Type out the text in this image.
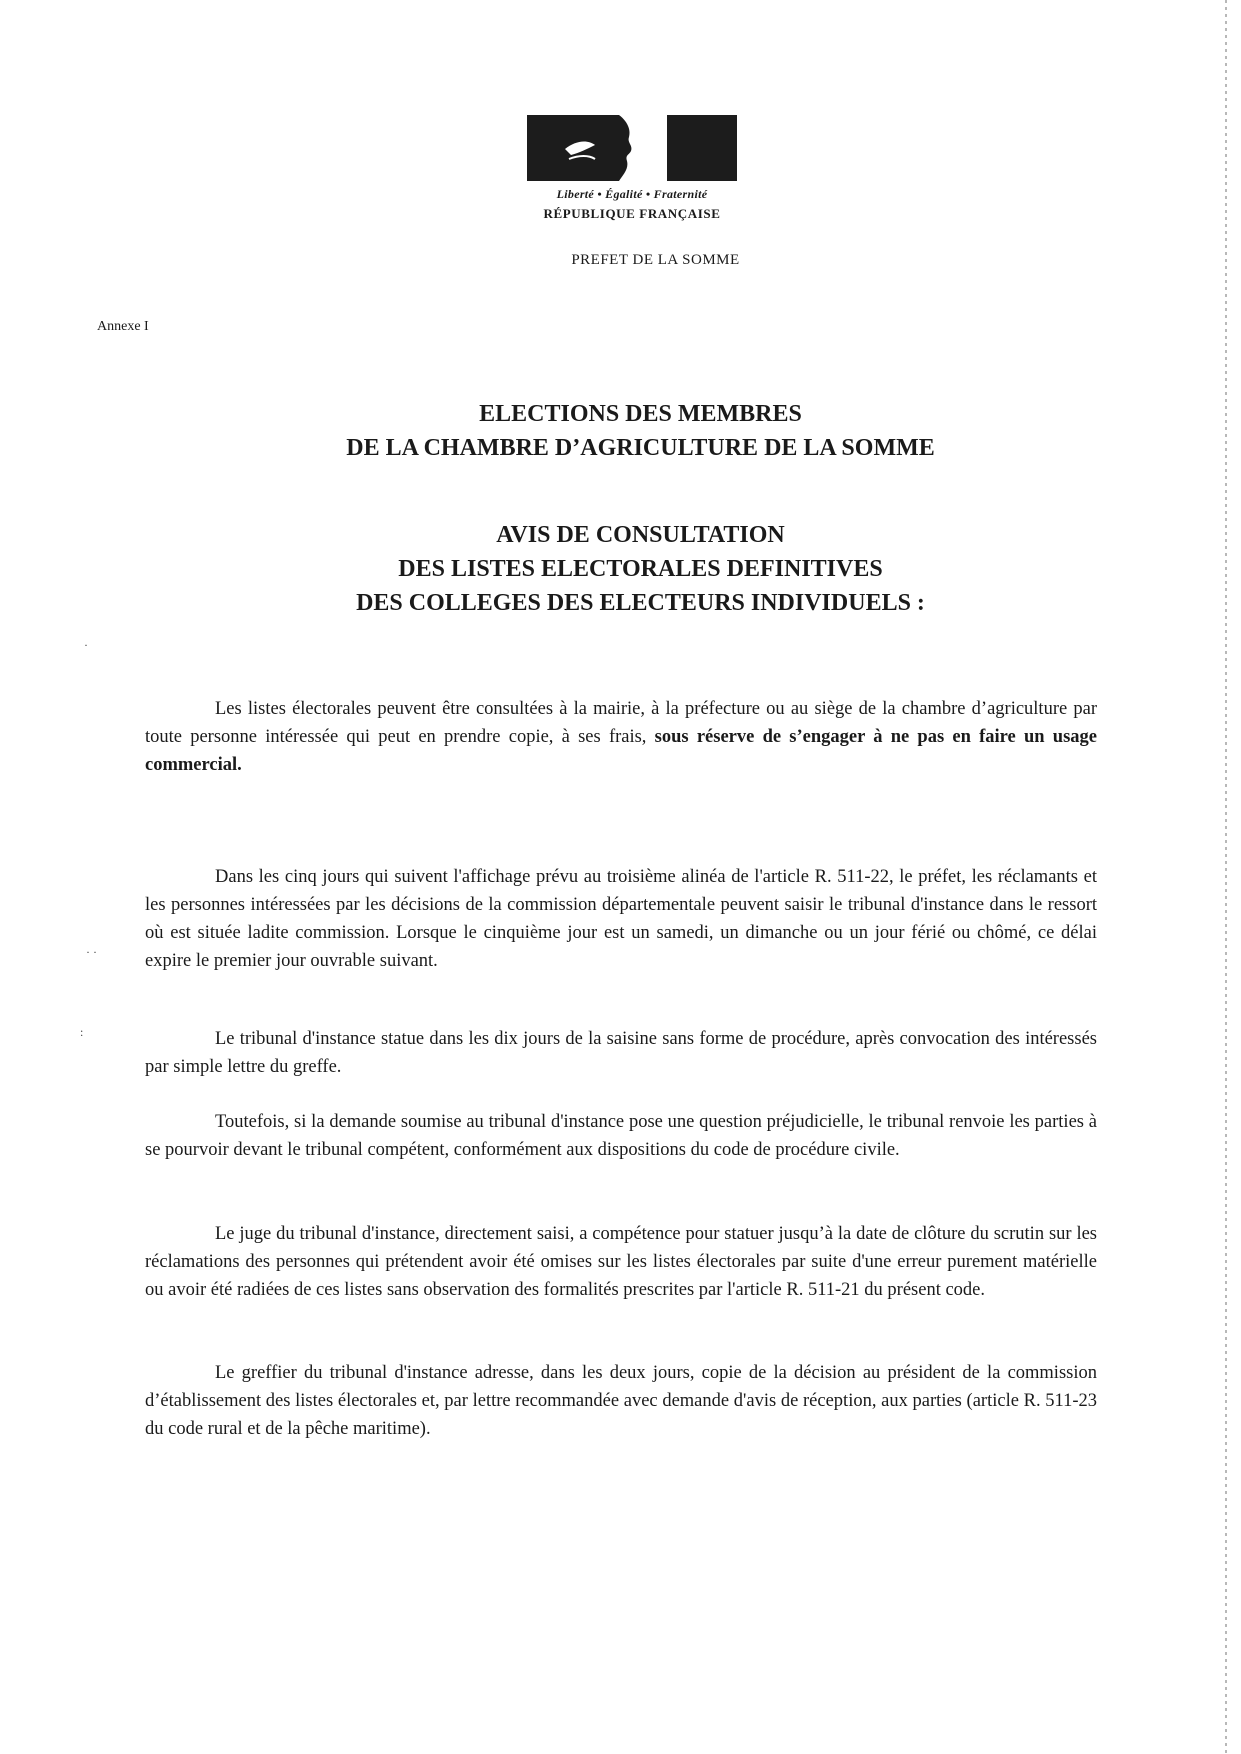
Liberté • Égalité • Fraternité
RÉPUBLIQUE FRANÇAISE
PREFET DE LA SOMME
Annexe I
ELECTIONS DES MEMBRES
DE LA CHAMBRE D’AGRICULTURE DE LA SOMME
AVIS DE CONSULTATION
DES LISTES ELECTORALES DEFINITIVES
DES COLLEGES DES ELECTEURS INDIVIDUELS :
Les listes électorales peuvent être consultées à la mairie, à la préfecture ou au siège de la chambre d’agriculture par toute personne intéressée qui peut en prendre copie, à ses frais, sous réserve de s’engager à ne pas en faire un usage commercial.
Dans les cinq jours qui suivent l'affichage prévu au troisième alinéa de l'article R. 511-22, le préfet, les réclamants et les personnes intéressées par les décisions de la commission départementale peuvent saisir le tribunal d'instance dans le ressort où est située ladite commission. Lorsque le cinquième jour est un samedi, un dimanche ou un jour férié ou chômé, ce délai expire le premier jour ouvrable suivant.
Le tribunal d'instance statue dans les dix jours de la saisine sans forme de procédure, après convocation des intéressés par simple lettre du greffe.
Toutefois, si la demande soumise au tribunal d'instance pose une question préjudicielle, le tribunal renvoie les parties à se pourvoir devant le tribunal compétent, conformément aux dispositions du code de procédure civile.
Le juge du tribunal d'instance, directement saisi, a compétence pour statuer jusqu’à la date de clôture du scrutin sur les réclamations des personnes qui prétendent avoir été omises sur les listes électorales par suite d'une erreur purement matérielle ou avoir été radiées de ces listes sans observation des formalités prescrites par l'article R. 511-21 du présent code.
Le greffier du tribunal d'instance adresse, dans les deux jours, copie de la décision au président de la commission d’établissement des listes électorales et, par lettre recommandée avec demande d'avis de réception, aux parties (article R. 511-23 du code rural et de la pêche maritime).
·
· ·
:
